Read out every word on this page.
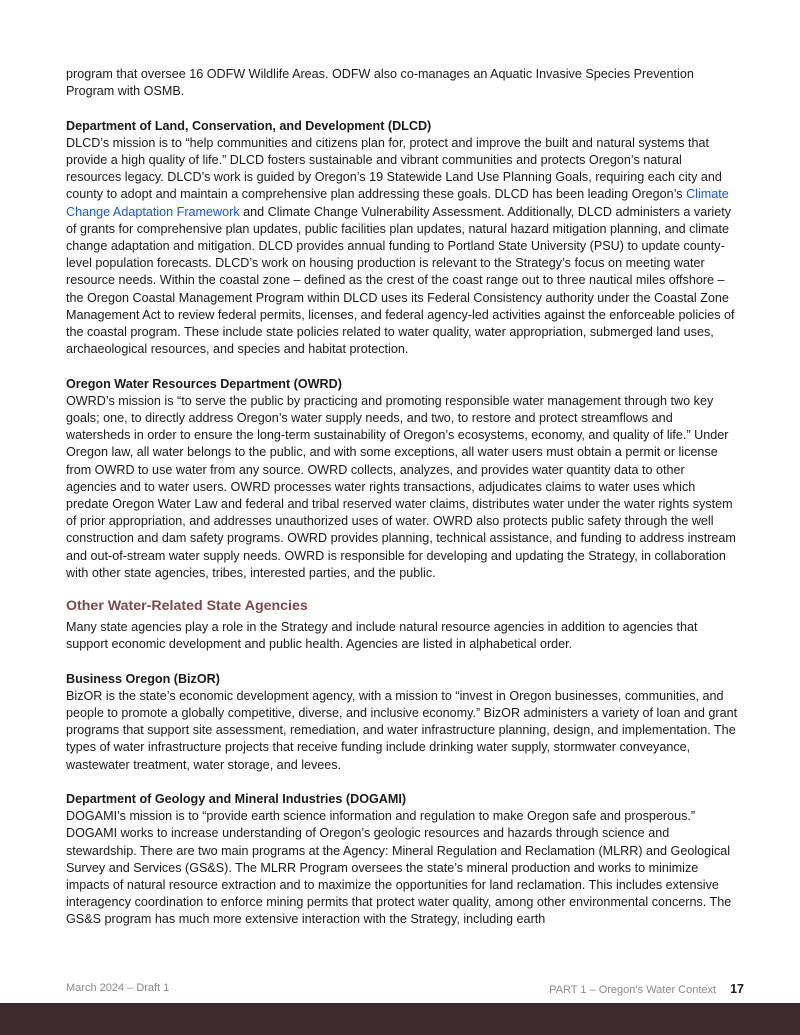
program that oversee 16 ODFW Wildlife Areas. ODFW also co-manages an Aquatic Invasive Species Prevention Program with OSMB.

Department of Land, Conservation, and Development (DLCD)

DLCD’s mission is to “help communities and citizens plan for, protect and improve the built and natural systems that provide a high quality of life.” DLCD fosters sustainable and vibrant communities and protects Oregon’s natural resources legacy. DLCD’s work is guided by Oregon’s 19 Statewide Land Use Planning Goals, requiring each city and county to adopt and maintain a comprehensive plan addressing these goals. DLCD has been leading Oregon’s Climate Change Adaptation Framework and Climate Change Vulnerability Assessment. Additionally, DLCD administers a variety of grants for comprehensive plan updates, public facilities plan updates, natural hazard mitigation planning, and climate change adaptation and mitigation. DLCD provides annual funding to Portland State University (PSU) to update county-level population forecasts. DLCD’s work on housing production is relevant to the Strategy’s focus on meeting water resource needs. Within the coastal zone – defined as the crest of the coast range out to three nautical miles offshore – the Oregon Coastal Management Program within DLCD uses its Federal Consistency authority under the Coastal Zone Management Act to review federal permits, licenses, and federal agency-led activities against the enforceable policies of the coastal program. These include state policies related to water quality, water appropriation, submerged land uses, archaeological resources, and species and habitat protection.

Oregon Water Resources Department (OWRD)

OWRD’s mission is “to serve the public by practicing and promoting responsible water management through two key goals; one, to directly address Oregon’s water supply needs, and two, to restore and protect streamflows and watersheds in order to ensure the long-term sustainability of Oregon’s ecosystems, economy, and quality of life.” Under Oregon law, all water belongs to the public, and with some exceptions, all water users must obtain a permit or license from OWRD to use water from any source. OWRD collects, analyzes, and provides water quantity data to other agencies and to water users. OWRD processes water rights transactions, adjudicates claims to water uses which predate Oregon Water Law and federal and tribal reserved water claims, distributes water under the water rights system of prior appropriation, and addresses unauthorized uses of water. OWRD also protects public safety through the well construction and dam safety programs. OWRD provides planning, technical assistance, and funding to address instream and out-of-stream water supply needs. OWRD is responsible for developing and updating the Strategy, in collaboration with other state agencies, tribes, interested parties, and the public.

Other Water-Related State Agencies

Many state agencies play a role in the Strategy and include natural resource agencies in addition to agencies that support economic development and public health. Agencies are listed in alphabetical order.

Business Oregon (BizOR)

BizOR is the state’s economic development agency, with a mission to “invest in Oregon businesses, communities, and people to promote a globally competitive, diverse, and inclusive economy.” BizOR administers a variety of loan and grant programs that support site assessment, remediation, and water infrastructure planning, design, and implementation. The types of water infrastructure projects that receive funding include drinking water supply, stormwater conveyance, wastewater treatment, water storage, and levees.

Department of Geology and Mineral Industries (DOGAMI)

DOGAMI’s mission is to “provide earth science information and regulation to make Oregon safe and prosperous.” DOGAMI works to increase understanding of Oregon’s geologic resources and hazards through science and stewardship. There are two main programs at the Agency: Mineral Regulation and Reclamation (MLRR) and Geological Survey and Services (GS&S). The MLRR Program oversees the state’s mineral production and works to minimize impacts of natural resource extraction and to maximize the opportunities for land reclamation. This includes extensive interagency coordination to enforce mining permits that protect water quality, among other environmental concerns. The GS&S program has much more extensive interaction with the Strategy, including earth

March 2024 – Draft 1	PART 1 – Oregon’s Water Context 17
